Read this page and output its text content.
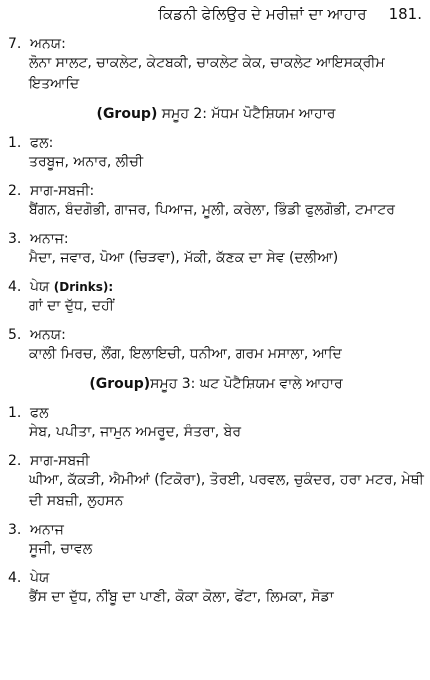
ਕਿਡਨੀ ਫੇਲਿਉਰ ਦੇ ਮਰੀਜ਼ਾਂ ਦਾ ਆਹਾਰ 181.
7. ਅਨਯ:
ਲੋਨਾ ਸਾਲਟ, ਚਾਕਲੇਟ, ਕੇਟਬਕੀ, ਚਾਕਲੇਟ ਕੇਕ, ਚਾਕਲੇਟ ਆਇਸਕ੍ਰੀਮ ਇਤਆਦਿ
(Group) ਸਮੂਹ 2: ਮੱਧਮ ਪੋਟੈਸ਼ਿਯਮ ਆਹਾਰ
1. ਫਲ:
ਤਰਬੂਜ, ਅਨਾਰ, ਲੀਚੀ
2. ਸਾਗ-ਸਬਜੀ:
ਬੈਂਗਨ, ਬੰਦਗੋਭੀ, ਗਾਜਰ, ਪਿਆਜ, ਮੂਲੀ, ਕਰੇਲਾ, ਭਿੰਡੀ ਫੁਲਗੋਭੀ, ਟਮਾਟਰ
3. ਅਨਾਜ:
ਮੈਦਾ, ਜਵਾਰ, ਪੋਆ (ਚਿੜਵਾ), ਮੱਕੀ, ਕੱਣਕ ਦਾ ਸੇਵ (ਦਲੀਆ)
4. ਪੇਯ (Drinks):
ਗਾਂ ਦਾ ਦੁੱਧ, ਦਹੀਂ
5. ਅਨਯ:
ਕਾਲੀ ਮਿਰਚ, ਲੌਂਗ, ਇਲਾਇਚੀ, ਧਨੀਆ, ਗਰਮ ਮਸਾਲਾ, ਆਦਿ
(Group)ਸਮੂਹ 3: ਘਟ ਪੋਟੈਸ਼ਿਯਮ ਵਾਲੇ ਆਹਾਰ
1. ਫਲ
ਸੇਬ, ਪਪੀਤਾ, ਜਾਮੁਨ ਅਮਰੂਦ, ਸੰਤਰਾ, ਬੇਰ
2. ਸਾਗ-ਸਬਜੀ
ਘੀਆ, ਕੱਕੜੀ, ਐਮੀਆਂ (ਟਿਕੋਰਾ), ਤੋਰਈ, ਪਰਵਲ, ਚੁਕੰਦਰ, ਹਰਾ ਮਟਰ, ਮੇਥੀ ਦੀ ਸਬਜ਼ੀ, ਲੁਹਸਨ
3. ਅਨਾਜ
ਸੂਜੀ, ਚਾਵਲ
4. ਪੇਯ
ਭੈਂਸ ਦਾ ਦੁੱਧ, ਨੀਂਬੂ ਦਾ ਪਾਣੀ, ਕੋਕਾ ਕੋਲਾ, ਫੇਂਟਾ, ਲਿਮਕਾ, ਸੋਡਾ
